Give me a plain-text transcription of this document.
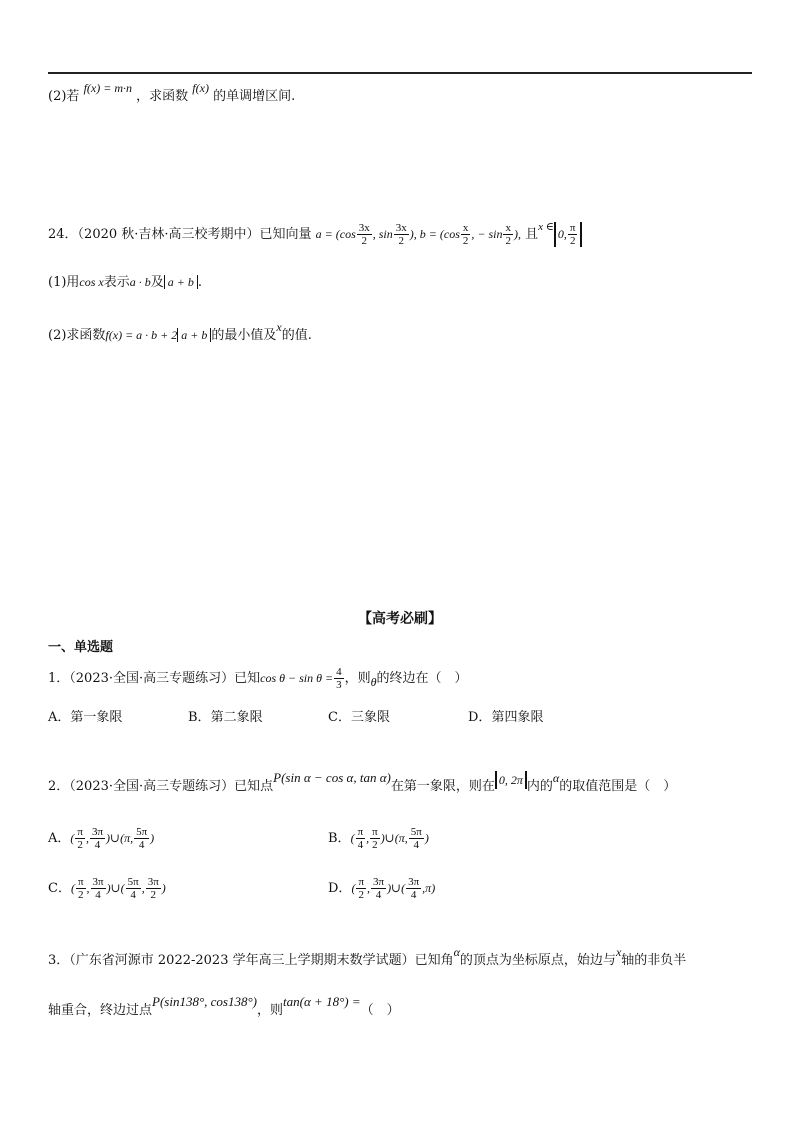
(2)若 f(x) = m·n ，求函数 f(x) 的单调增区间.
24．（2020 秋·吉林·高三校考期中）已知向量 $a = (\cos \frac{3x}{2}$ , $\sin \frac{3x}{2}$ ), $b = (\cos \frac{x}{2}$ , − $\sin \frac{x}{2}$ ), 且$^{x \in}$ 0, $\frac{\pi}{2}$
(1)用cos x表示a · b及 a + b .
(2)求函数f(x) = a · b + 2 a + b 的最小值及x的值.
【高考必刷】
一、单选题
1．（2023·全国·高三专题练习）已知$\cos \theta - \sin \theta = \frac{4}{3}$ ，则θ的终边在（　）
A．第一象限	B．第二象限	C．三象限	D．第四象限
2．（2023·全国·高三专题练习）已知点P(sin α − cos α, tan α)在第一象限，则在 0, 2π 内的α的取值范围是（　）
A．( $\frac{\pi}{2}$ , $\frac{3\pi}{4}$ )∪(π, $\frac{5\pi}{4}$ )	B．( $\frac{\pi}{4}$ , $\frac{\pi}{2}$ )∪(π, $\frac{5\pi}{4}$ )
C．( $\frac{\pi}{2}$ , $\frac{3\pi}{4}$ )∪( $\frac{5\pi}{4}$ , $\frac{3\pi}{2}$ )	D．( $\frac{\pi}{2}$ , $\frac{3\pi}{4}$ )∪( $\frac{3\pi}{4} ,\pi$)
3．（广东省河源市 2022-2023 学年高三上学期期末数学试题）已知角α的顶点为坐标原点，始边与x轴的非负半
轴重合，终边过点P(sin138°, cos138°)，则tan(α + 18°) =（　）
